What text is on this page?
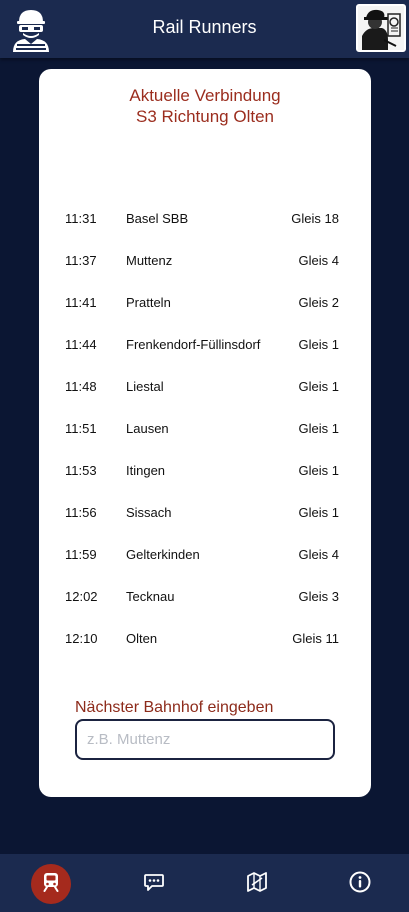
Rail Runners
Aktuelle Verbindung
S3 Richtung Olten
11:31 Basel SBB	Gleis 18
11:37 Muttenz	Gleis 4
11:41 Pratteln	Gleis 2
11:44 Frenkendorf-Füllinsdorf	Gleis 1
11:48 Liestal	Gleis 1
11:51 Lausen	Gleis 1
11:53 Itingen	Gleis 1
11:56 Sissach	Gleis 1
11:59 Gelterkinden	Gleis 4
12:02 Tecknau	Gleis 3
12:10 Olten	Gleis 11
Nächster Bahnhof eingeben
z.B. Muttenz
